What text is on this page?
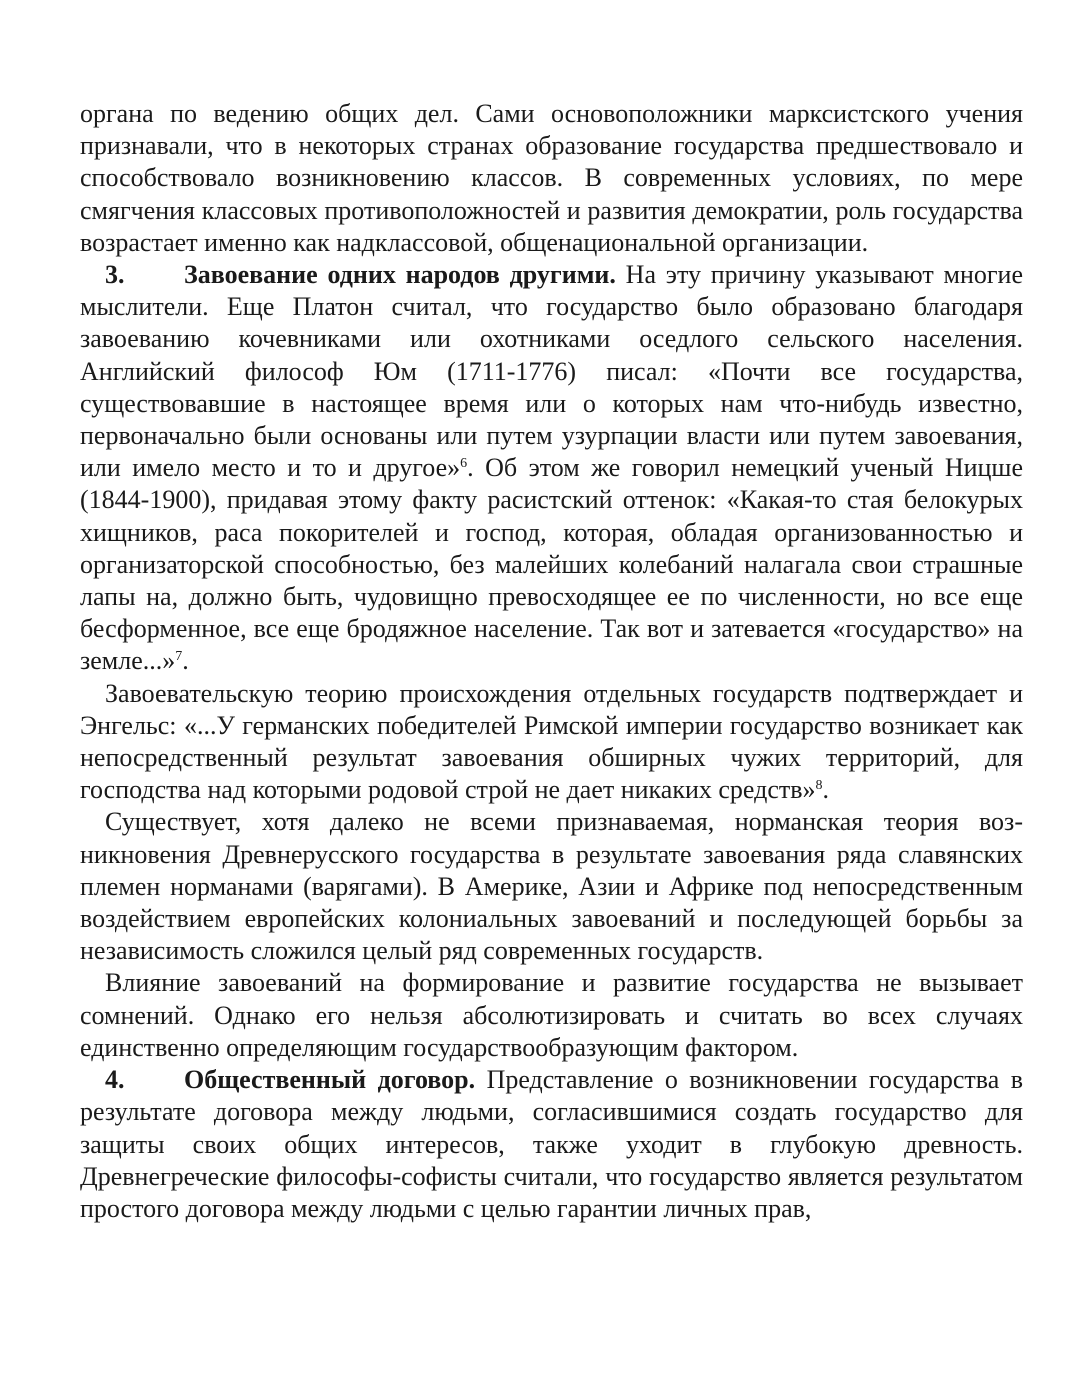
органа по ведению общих дел. Сами основоположники марксистского учения признавали, что в некоторых странах образование государства предшествовало и способствовало возникновению классов. В современных условиях, по мере смягчения классовых противоположностей и развития демократии, роль государства возрастает именно как надклассовой, общенациональной организации.

3. Завоевание одних народов другими. На эту причину указывают многие мыслители. Еще Платон считал, что государство было образовано благодаря завоеванию кочевниками или охотниками оседлого сельского населения. Английский философ Юм (1711-1776) писал: «Почти все государства, существовавшие в настоящее время или о которых нам что-нибудь известно, первоначально были основаны или путем узурпации власти или путем завоевания, или имело место и то и другое»$^6$. Об этом же говорил немецкий ученый Ницше (1844-1900), придавая этому факту расистский оттенок: «Какая-то стая белокурых хищников, раса покорителей и господ, которая, обладая организованностью и организаторской способностью, без малейших колебаний налагала свои страшные лапы на, должно быть, чудовищно превосходящее ее по численности, но все еще бесформенное, все еще бродяжное население. Так вот и затевается «государство» на земле...»$^7$.

Завоевательскую теорию происхождения отдельных государств подтверждает и Энгельс: «...У германских победителей Римской империи государство возникает как непосредственный результат завоевания обширных чужих территорий, для господства над которыми родовой строй не дает никаких средств»$^8$.

Существует, хотя далеко не всеми признаваемая, норманская теория возникновения Древнерусского государства в результате завоевания ряда славянских племен норманами (варягами). В Америке, Азии и Африке под непосредственным воздействием европейских колониальных завоеваний и последующей борьбы за независимость сложился целый ряд современных государств.

Влияние завоеваний на формирование и развитие государства не вызывает сомнений. Однако его нельзя абсолютизировать и считать во всех случаях единственно определяющим государствообразующим фактором.

4. Общественный договор. Представление о возникновении государства в результате договора между людьми, согласившимися создать государство для защиты своих общих интересов, также уходит в глубокую древность. Древнегреческие философы-софисты считали, что государство является результатом простого договора между людьми с целью гарантии личных прав,
